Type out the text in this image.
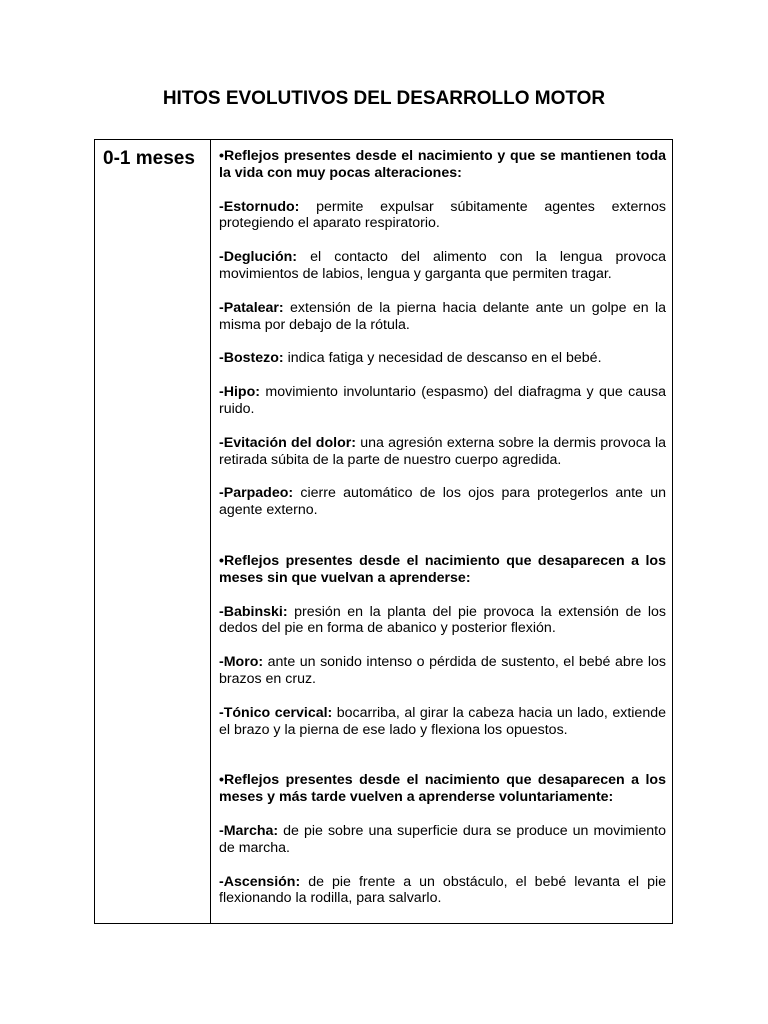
HITOS EVOLUTIVOS DEL DESARROLLO MOTOR
0-1 meses	•Reflejos presentes desde el nacimiento y que se mantienen toda la vida con muy pocas alteraciones:

-Estornudo: permite expulsar súbitamente agentes externos protegiendo el aparato respiratorio.

-Deglución: el contacto del alimento con la lengua provoca movimientos de labios, lengua y garganta que permiten tragar.

-Patalear: extensión de la pierna hacia delante ante un golpe en la misma por debajo de la rótula.

-Bostezo: indica fatiga y necesidad de descanso en el bebé.

-Hipo: movimiento involuntario (espasmo) del diafragma y que causa ruido.

-Evitación del dolor: una agresión externa sobre la dermis provoca la retirada súbita de la parte de nuestro cuerpo agredida.

-Parpadeo: cierre automático de los ojos para protegerlos ante un agente externo.

•Reflejos presentes desde el nacimiento que desaparecen a los meses sin que vuelvan a aprenderse:

-Babinski: presión en la planta del pie provoca la extensión de los dedos del pie en forma de abanico y posterior flexión.

-Moro: ante un sonido intenso o pérdida de sustento, el bebé abre los brazos en cruz.

-Tónico cervical: bocarriba, al girar la cabeza hacia un lado, extiende el brazo y la pierna de ese lado y flexiona los opuestos.

•Reflejos presentes desde el nacimiento que desaparecen a los meses y más tarde vuelven a aprenderse voluntariamente:

-Marcha: de pie sobre una superficie dura se produce un movimiento de marcha.

-Ascensión: de pie frente a un obstáculo, el bebé levanta el pie flexionando la rodilla, para salvarlo.
